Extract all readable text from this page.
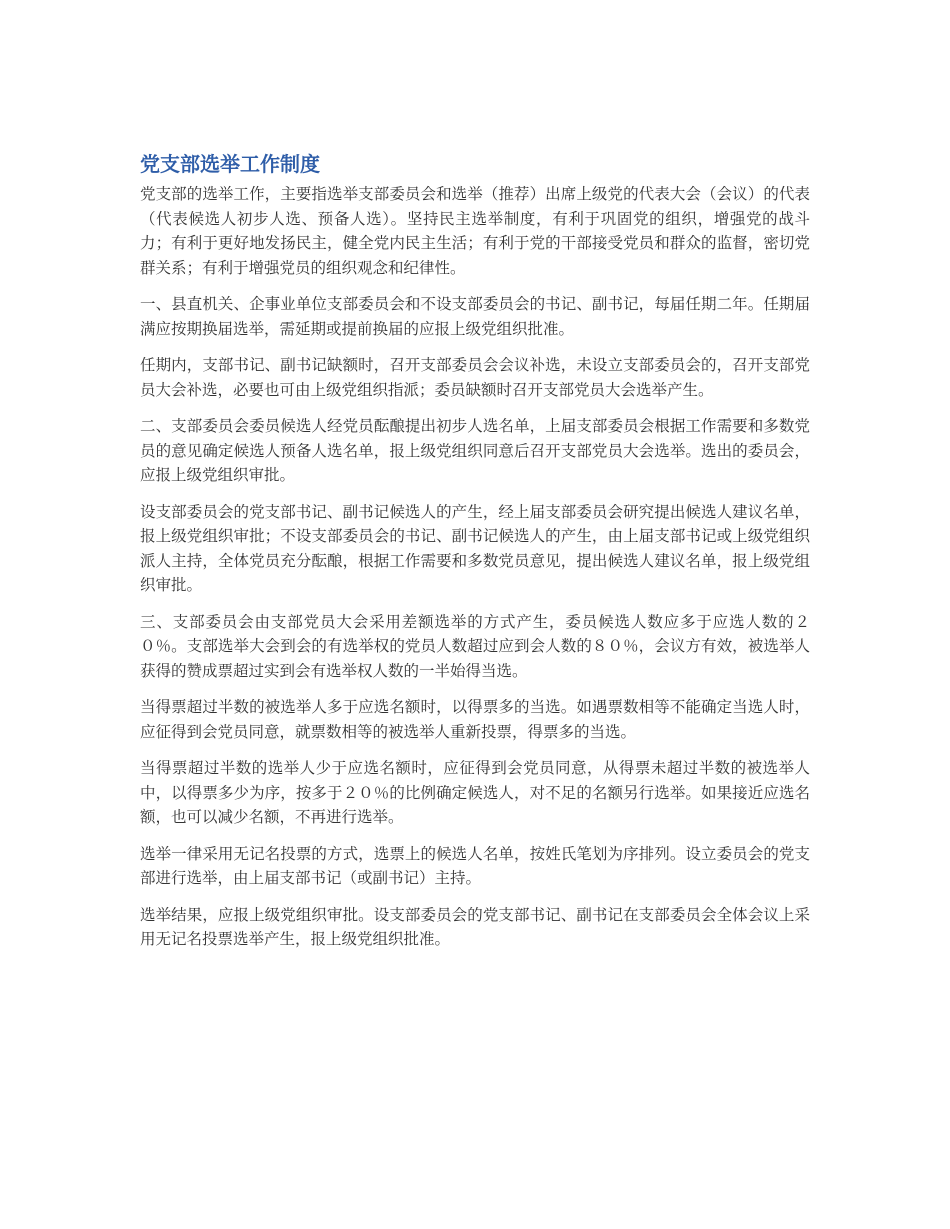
党支部选举工作制度

党支部的选举工作，主要指选举支部委员会和选举（推荐）出席上级党的代表大会（会议）的代表（代表候选人初步人选、预备人选）。坚持民主选举制度，有利于巩固党的组织，增强党的战斗力；有利于更好地发扬民主，健全党内民主生活；有利于党的干部接受党员和群众的监督，密切党群关系；有利于增强党员的组织观念和纪律性。

一、县直机关、企事业单位支部委员会和不设支部委员会的书记、副书记，每届任期二年。任期届满应按期换届选举，需延期或提前换届的应报上级党组织批准。

任期内，支部书记、副书记缺额时，召开支部委员会会议补选，未设立支部委员会的，召开支部党员大会补选，必要也可由上级党组织指派；委员缺额时召开支部党员大会选举产生。

二、支部委员会委员候选人经党员酝酿提出初步人选名单，上届支部委员会根据工作需要和多数党员的意见确定候选人预备人选名单，报上级党组织同意后召开支部党员大会选举。选出的委员会，应报上级党组织审批。

设支部委员会的党支部书记、副书记候选人的产生，经上届支部委员会研究提出候选人建议名单，报上级党组织审批；不设支部委员会的书记、副书记候选人的产生，由上届支部书记或上级党组织派人主持，全体党员充分酝酿，根据工作需要和多数党员意见，提出候选人建议名单，报上级党组织审批。

三、支部委员会由支部党员大会采用差额选举的方式产生，委员候选人数应多于应选人数的２０％。支部选举大会到会的有选举权的党员人数超过应到会人数的８０％，会议方有效，被选举人获得的赞成票超过实到会有选举权人数的一半始得当选。

当得票超过半数的被选举人多于应选名额时，以得票多的当选。如遇票数相等不能确定当选人时，应征得到会党员同意，就票数相等的被选举人重新投票，得票多的当选。

当得票超过半数的选举人少于应选名额时，应征得到会党员同意，从得票未超过半数的被选举人中，以得票多少为序，按多于２０％的比例确定候选人，对不足的名额另行选举。如果接近应选名额，也可以减少名额，不再进行选举。

选举一律采用无记名投票的方式，选票上的候选人名单，按姓氏笔划为序排列。设立委员会的党支部进行选举，由上届支部书记（或副书记）主持。

选举结果，应报上级党组织审批。设支部委员会的党支部书记、副书记在支部委员会全体会议上采用无记名投票选举产生，报上级党组织批准。
